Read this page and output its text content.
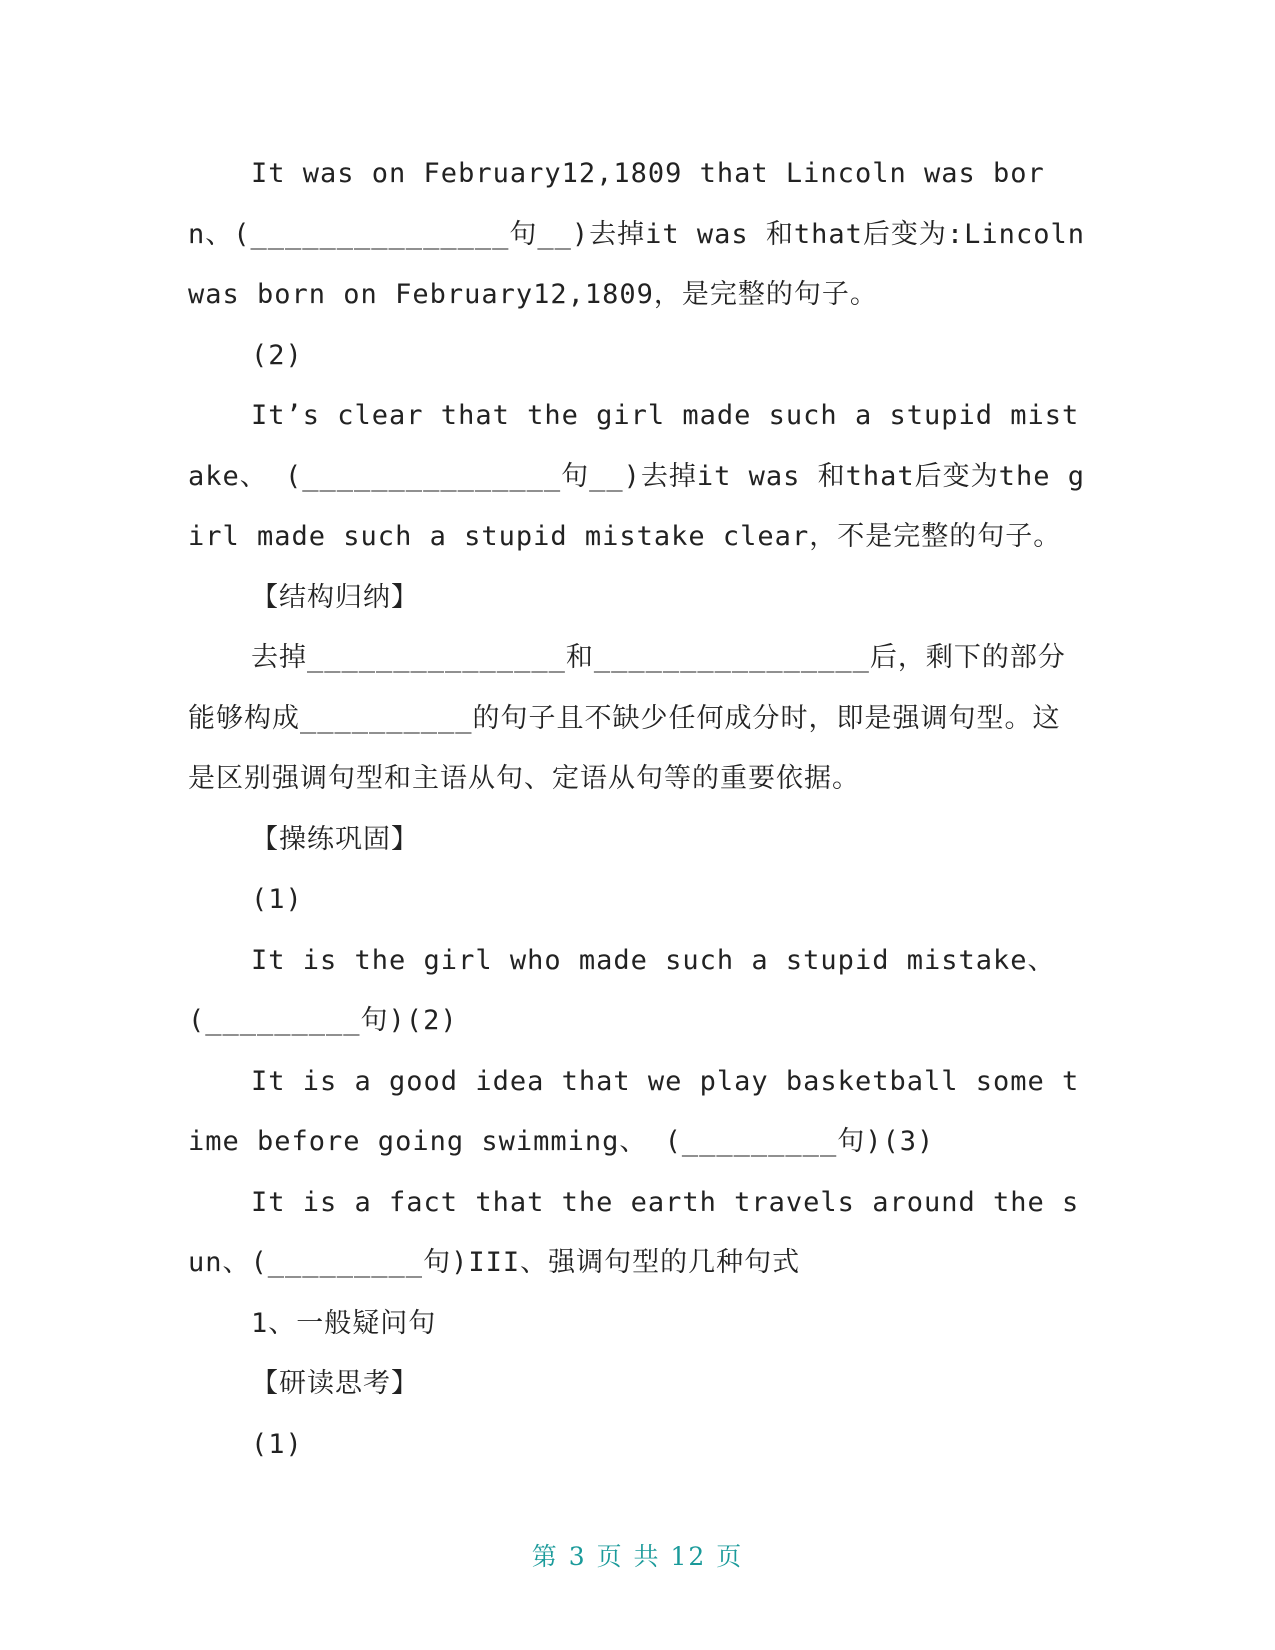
It was on February12,1809 that Lincoln was born、(_______________句__)去掉it was 和that后变为:Lincoln was born on February12,1809，是完整的句子。

(2)

It’s clear that the girl made such a stupid mistake、 (_______________句__)去掉it was 和that后变为the girl made such a stupid mistake clear，不是完整的句子。

【结构归纳】

去掉_______________和________________后，剩下的部分能够构成__________的句子且不缺少任何成分时，即是强调句型。这是区别强调句型和主语从句、定语从句等的重要依据。

【操练巩固】

(1)

It is the girl who made such a stupid mistake、(_________句)(2)

It is a good idea that we play basketball some time before going swimming、 (_________句)(3)

It is a fact that the earth travels around the sun、(_________句)III、强调句型的几种句式

1、一般疑问句

【研读思考】

(1)

第 3 页 共 12 页
